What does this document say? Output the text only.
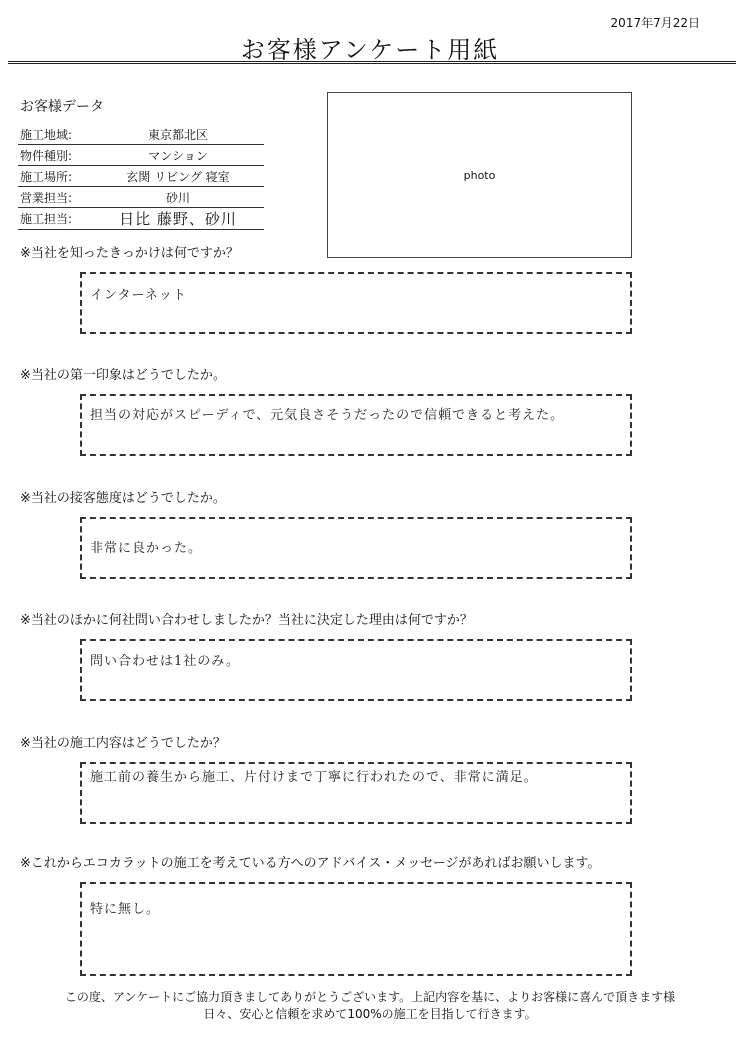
2017年7月22日
お客様アンケート用紙
お客様データ
施工地域:	東京都北区
物件種別:	マンション
施工場所:	玄関 リビング 寝室
営業担当:	砂川
施工担当:	日比 藤野、砂川
photo
※当社を知ったきっかけは何ですか？
インターネット
※当社の第一印象はどうでしたか。
担当の対応がスピーディで、元気良さそうだったので信頼できると考えた。
※当社の接客態度はどうでしたか。
非常に良かった。
※当社のほかに何社問い合わせしましたか？当社に決定した理由は何ですか？
問い合わせは1社のみ。
※当社の施工内容はどうでしたか？
施工前の養生から施工、片付けまで丁寧に行われたので、非常に満足。
※これからエコカラットの施工を考えている方へのアドバイス・メッセージがあればお願いします。
特に無し。
この度、アンケートにご協力頂きましてありがとうございます。上記内容を基に、よりお客様に喜んで頂きます様
日々、安心と信頼を求めて100%の施工を目指して行きます。
